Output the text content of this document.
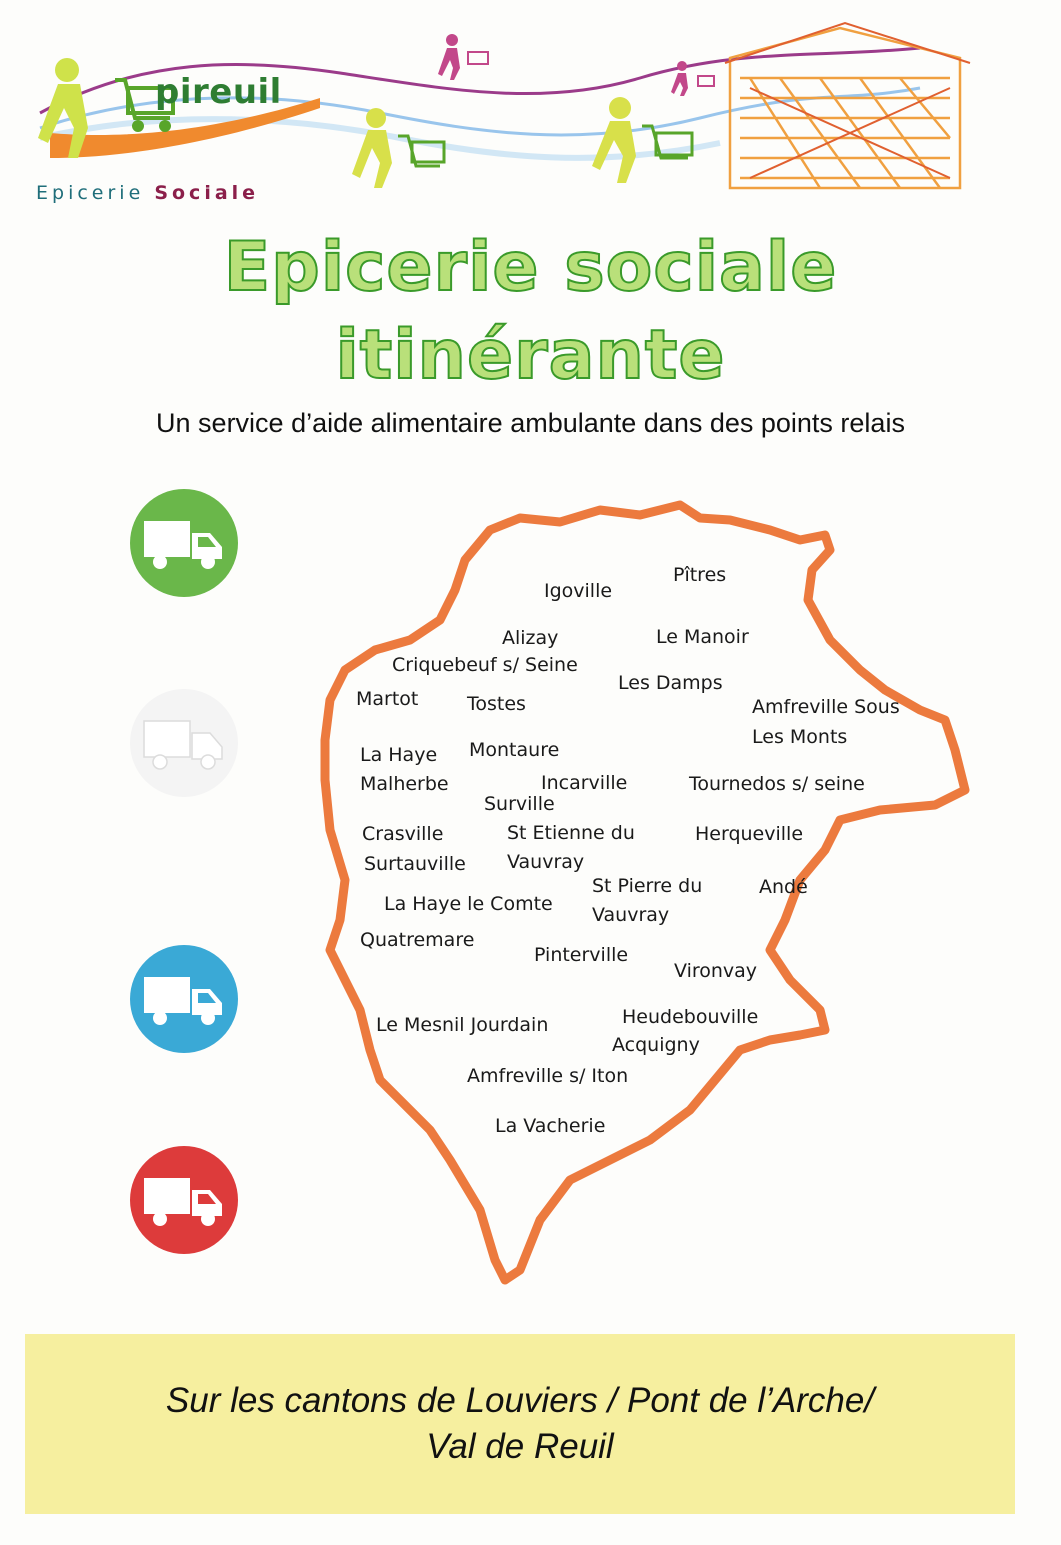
pireuil
Epicerie Sociale
Epicerie sociale
itinérante
Un service d’aide alimentaire ambulante dans des points relais
Pîtres
Igoville
Alizay	Le Manoir
Criquebeuf s/ Seine
Les Damps
Martot	Tostes	Amfreville Sous
Les Monts
La Haye Montaure
Malherbe	Incarville	Tournedos s/ seine
Surville
Crasville	St Etienne du	Herqueville
Surtauville Vauvray
St Pierre du	Andé
La Haye le Comte Vauvray
Quatremare
Pinterville
Vironvay
Le Mesnil Jourdain	Heudebouville
Acquigny
Amfreville s/ Iton
La Vacherie
Sur les cantons de Louviers / Pont de l’Arche/
Val de Reuil
